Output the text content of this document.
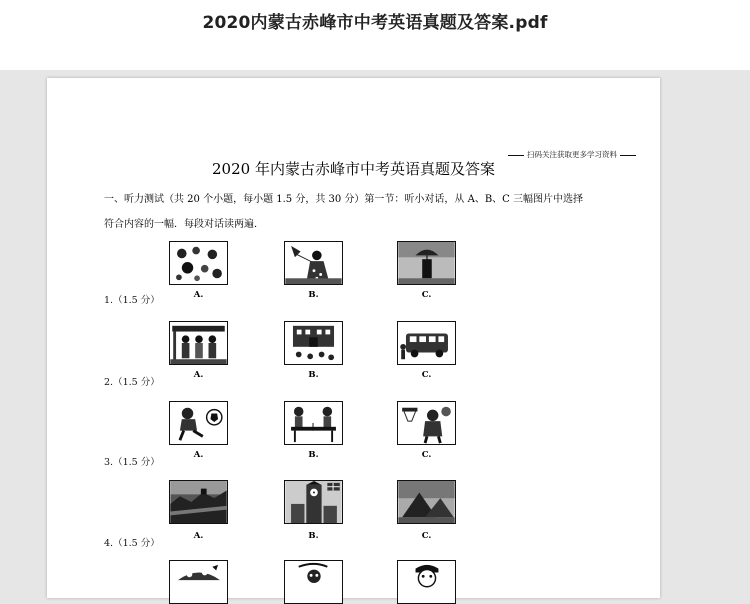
2020内蒙古赤峰市中考英语真题及答案.pdf
扫码关注获取更多学习资料
2020 年内蒙古赤峰市中考英语真题及答案
一、听力测试（共 20 个小题，每小题 1.5 分，共 30 分）第一节：听小对话，从 A、B、C 三幅图片中选择
符合内容的一幅．每段对话读两遍．
1.（1.5 分）	A.	B.	C.
2.（1.5 分）
A.	B.	C.
3.（1.5 分）
A.	B.	C.
4.（1.5 分）
A.	B.	C.
